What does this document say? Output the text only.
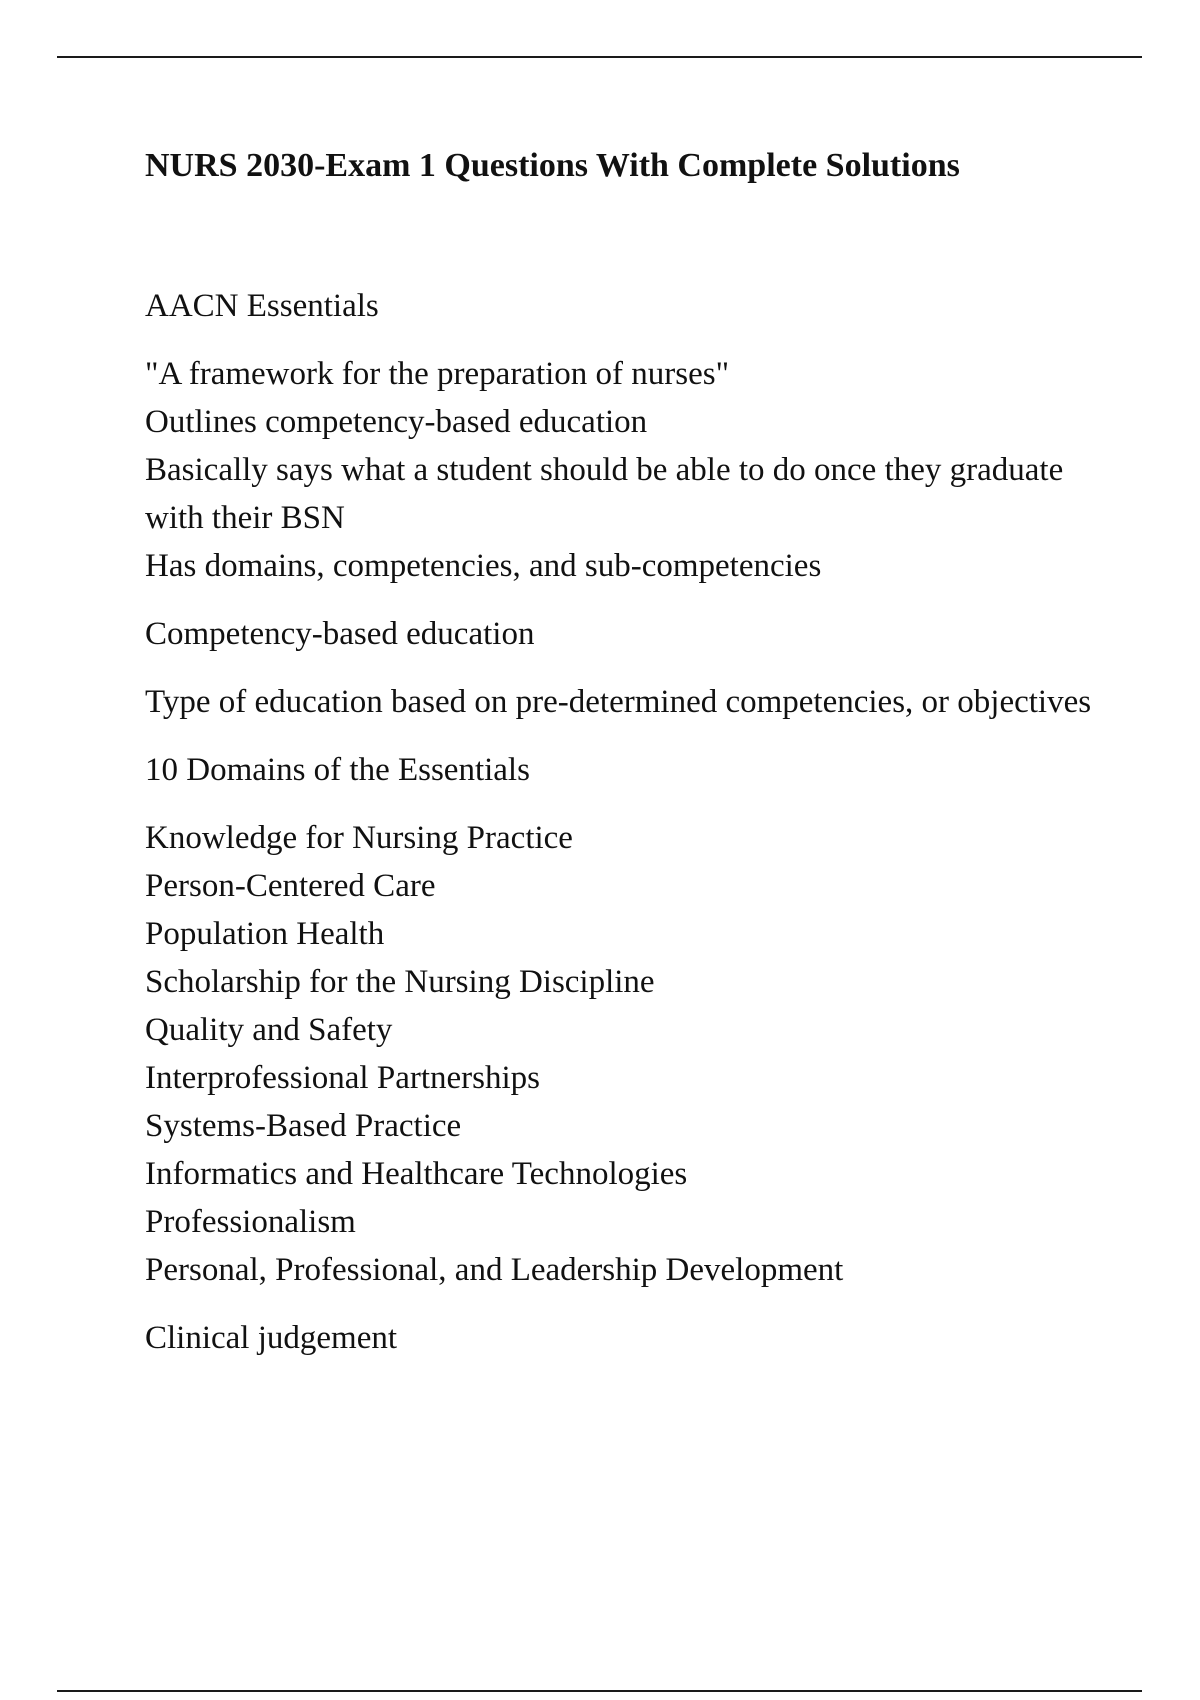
NURS 2030-Exam 1 Questions With Complete Solutions

AACN Essentials

"A framework for the preparation of nurses"
Outlines competency-based education
Basically says what a student should be able to do once they graduate with their BSN
Has domains, competencies, and sub-competencies

Competency-based education

Type of education based on pre-determined competencies, or objectives

10 Domains of the Essentials

Knowledge for Nursing Practice
Person-Centered Care
Population Health
Scholarship for the Nursing Discipline
Quality and Safety
Interprofessional Partnerships
Systems-Based Practice
Informatics and Healthcare Technologies
Professionalism
Personal, Professional, and Leadership Development

Clinical judgement
